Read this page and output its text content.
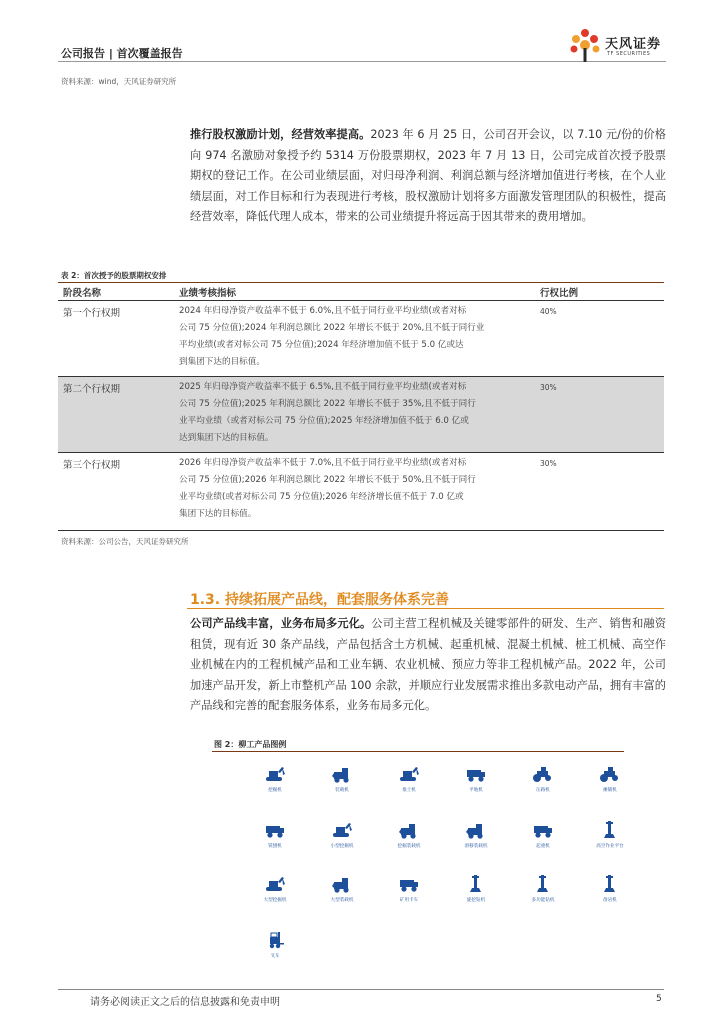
公司报告 | 首次覆盖报告
天风证券
TF SECURITIES
资料来源：wind，天风证券研究所
推行股权激励计划，经营效率提高。2023 年 6 月 25 日，公司召开会议，以 7.10 元/份的价格向 974 名激励对象授予约 5314 万份股票期权，2023 年 7 月 13 日，公司完成首次授予股票期权的登记工作。在公司业绩层面，对归母净利润、利润总额与经济增加值进行考核，在个人业绩层面，对工作目标和行为表现进行考核，股权激励计划将多方面激发管理团队的积极性，提高经营效率，降低代理人成本，带来的公司业绩提升将远高于因其带来的费用增加。
表 2：首次授予的股票期权安排
阶段名称	业绩考核指标	行权比例
第一个行权期	2024 年归母净资产收益率不低于 6.0%,且不低于同行业平均业绩(或者对标
公司 75 分位值);2024 年利润总额比 2022 年增长不低于 20%,且不低于同行业
平均业绩(或者对标公司 75 分位值);2024 年经济增加值不低于 5.0 亿或达
到集团下达的目标值。
40%
第二个行权期	2025 年归母净资产收益率不低于 6.5%,且不低于同行业平均业绩(或者对标
公司 75 分位值);2025 年利润总额比 2022 年增长不低于 35%,且不低于同行
业平均业绩（或者对标公司 75 分位值);2025 年经济增加值不低于 6.0 亿或
达到集团下达的目标值。
30%
第三个行权期	2026 年归母净资产收益率不低于 7.0%,且不低于同行业平均业绩(或者对标
公司 75 分位值);2026 年利润总额比 2022 年增长不低于 50%,且不低于同行
业平均业绩(或者对标公司 75 分位值);2026 年经济增长值不低于 7.0 亿或
集团下达的目标值。
30%
资料来源：公司公告，天风证券研究所
1.3. 持续拓展产品线，配套服务体系完善
公司产品线丰富，业务布局多元化。公司主营工程机械及关键零部件的研发、生产、销售和融资租赁，现有近 30 条产品线，产品包括含土方机械、起重机械、混凝土机械、桩工机械、高空作业机械在内的工程机械产品和工业车辆、农业机械、预应力等非工程机械产品。2022 年，公司加速产品开发，新上市整机产品 100 余款，并顺应行业发展需求推出多款电动产品，拥有丰富的产品线和完善的配套服务体系，业务布局多元化。
图 2：柳工产品图例
挖掘机	装载机	推土机	平地机	压路机	摊铺机
铣刨机	小型挖掘机	挖掘装载机	滑移装载机	起重机	高空作业平台
大型挖掘机	大型装载机	矿用卡车	旋挖钻机	多功能钻机	凿岩机
叉车
请务必阅读正文之后的信息披露和免责申明	5
